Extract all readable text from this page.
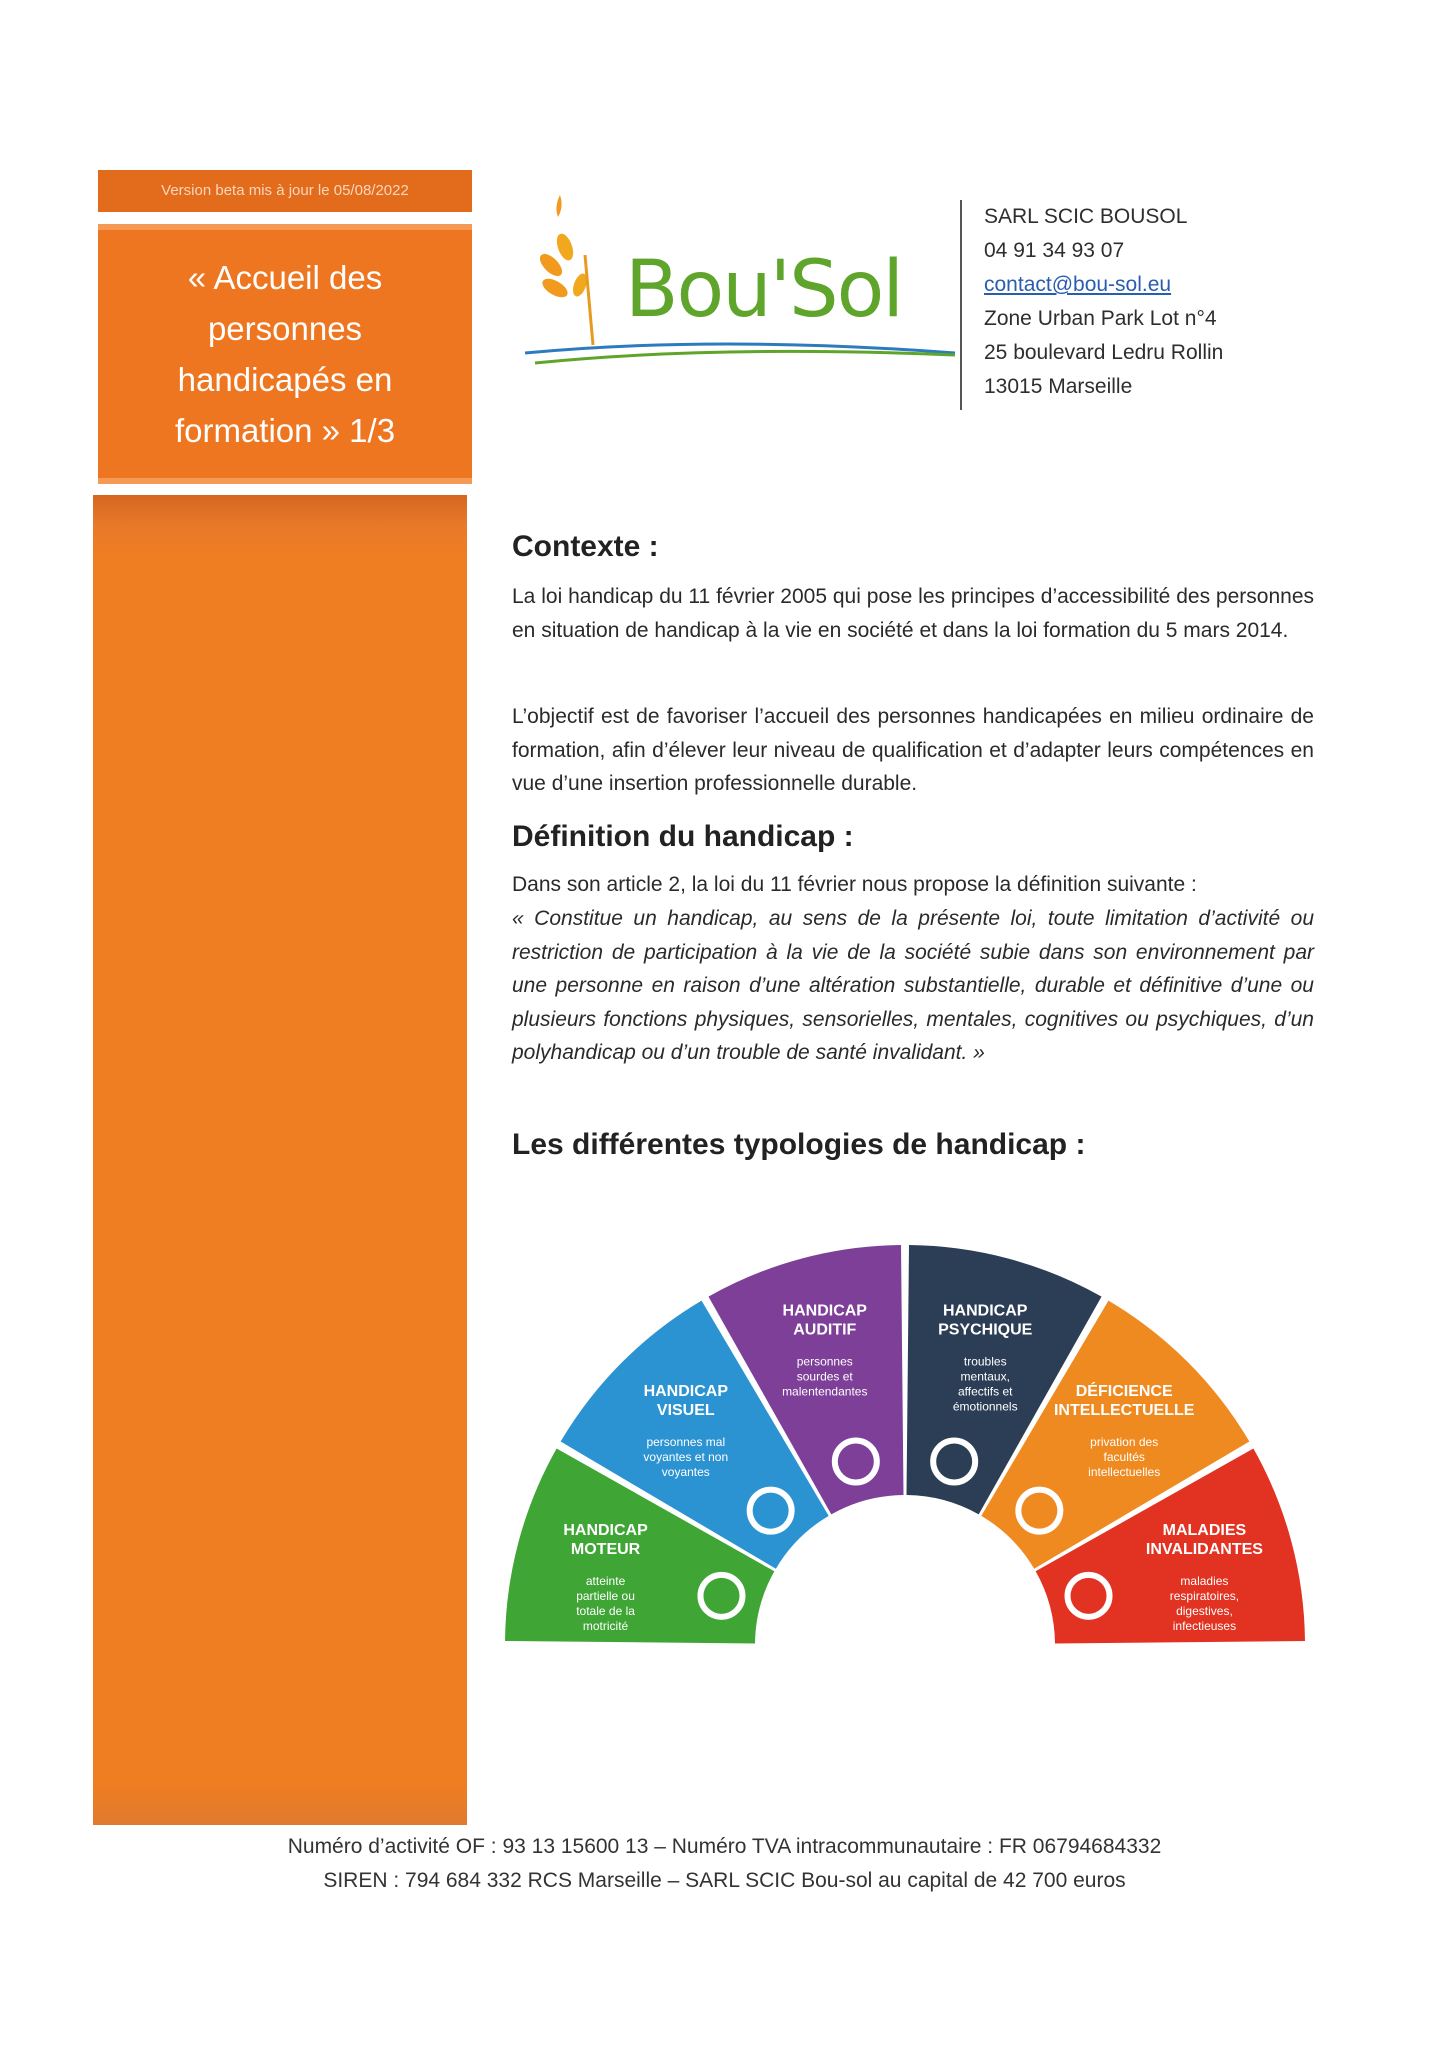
Version beta mis à jour le 05/08/2022
« Accueil des personnes handicapés en formation » 1/3
Bou'Sol
SARL SCIC BOUSOL
04 91 34 93 07
contact@bou-sol.eu
Zone Urban Park Lot n°4
25 boulevard Ledru Rollin
13015 Marseille
Contexte :

La loi handicap du 11 février 2005 qui pose les principes d’accessibilité des personnes en situation de handicap à la vie en société et dans la loi formation du 5 mars 2014.

L’objectif est de favoriser l’accueil des personnes handicapées en milieu ordinaire de formation, afin d’élever leur niveau de qualification et d’adapter leurs compétences en vue d’une insertion professionnelle durable.

Définition du handicap :

Dans son article 2, la loi du 11 février nous propose la définition suivante :

« Constitue un handicap, au sens de la présente loi, toute limitation d’activité ou restriction de participation à la vie de la société subie dans son environnement par une personne en raison d’une altération substantielle, durable et définitive d’une ou plusieurs fonctions physiques, sensorielles, mentales, cognitives ou psychiques, d’un polyhandicap ou d’un trouble de santé invalidant. »

Les différentes typologies de handicap :
HANDICAP MOTEUR
atteinte partielle ou totale de la motricité
HANDICAP VISUEL
personnes mal voyantes et non voyantes
HANDICAP AUDITIF
personnes sourdes et malentendantes
HANDICAP PSYCHIQUE
troubles mentaux, affectifs et émotionnels
DÉFICIENCE INTELLECTUELLE
privation des facultés intellectuelles
MALADIES INVALIDANTES
maladies respiratoires, digestives, infectieuses
Numéro d’activité OF : 93 13 15600 13 – Numéro TVA intracommunautaire : FR 06794684332
SIREN : 794 684 332 RCS Marseille – SARL SCIC Bou-sol au capital de 42 700 euros
